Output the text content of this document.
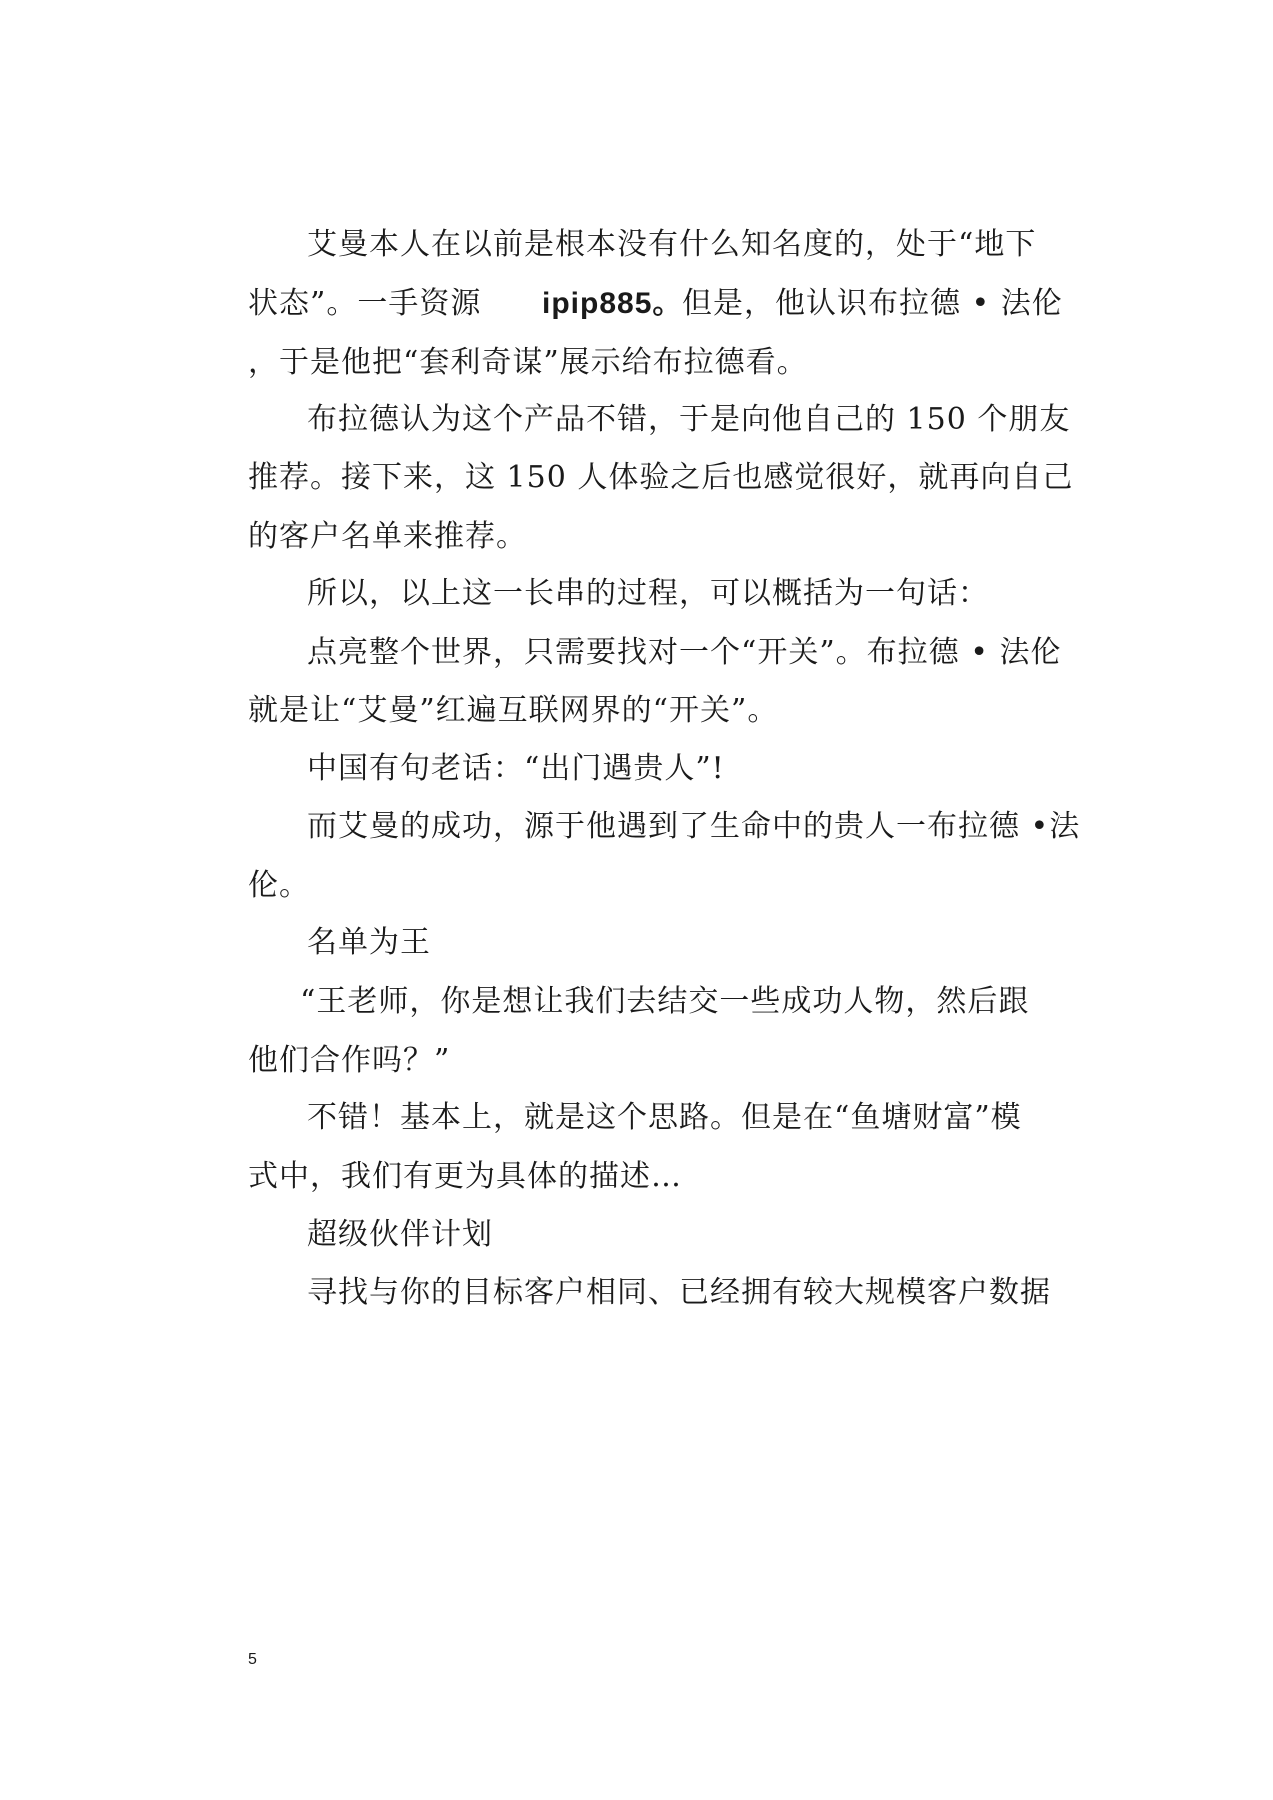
艾曼本人在以前是根本没有什么知名度的，处于“地下
状态”。一手资源 ipip885。
但是，他认识布拉德 • 法伦
，于是他把“套利奇谋”展示给布拉德看。
布拉德认为这个产品不错，于是向他自己的 150 个朋友
推荐。接下来，这 150 人体验之后也感觉很好，就再向自己
的客户名单来推荐。
所以，以上这一长串的过程，可以概括为一句话：
点亮整个世界，只需要找对一个“开关”。布拉德 • 法伦
就是让“艾曼”红遍互联网界的“开关”。
中国有句老话：“出门遇贵人”!
而艾曼的成功，源于他遇到了生命中的贵人一布拉德 •法
伦。
名单为王
“王老师，你是想让我们去结交一些成功人物，然后跟
他们合作吗？”
不错！基本上，就是这个思路。但是在“鱼塘财富”模
式中，我们有更为具体的描述…
超级伙伴计划
寻找与你的目标客户相同、已经拥有较大规模客户数据
5
